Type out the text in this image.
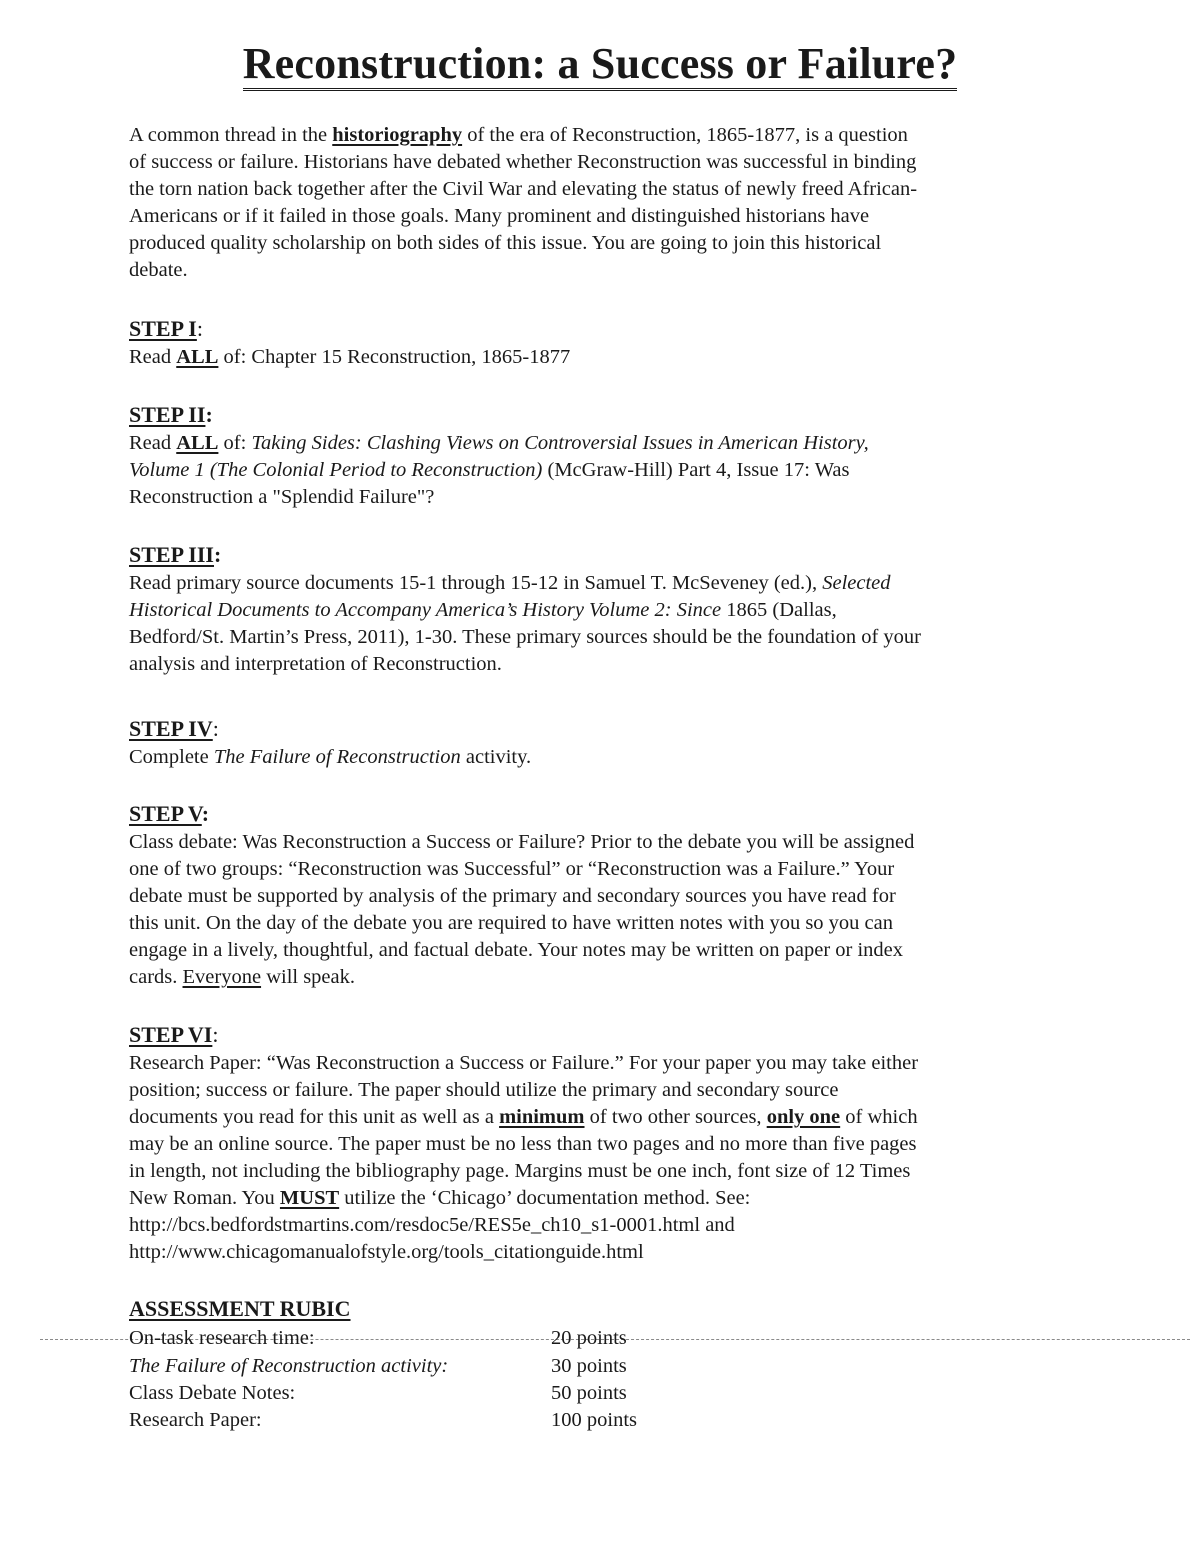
Reconstruction: a Success or Failure?
A common thread in the historiography of the era of Reconstruction, 1865-1877, is a question
of success or failure. Historians have debated whether Reconstruction was successful in binding
the torn nation back together after the Civil War and elevating the status of newly freed African-
Americans or if it failed in those goals. Many prominent and distinguished historians have
produced quality scholarship on both sides of this issue. You are going to join this historical
debate.
STEP I:
Read ALL of: Chapter 15 Reconstruction, 1865-1877
STEP II:
Read ALL of: Taking Sides: Clashing Views on Controversial Issues in American History,
Volume 1 (The Colonial Period to Reconstruction) (McGraw-Hill) Part 4, Issue 17: Was
Reconstruction a "Splendid Failure"?
STEP III:
Read primary source documents 15-1 through 15-12 in Samuel T. McSeveney (ed.), Selected
Historical Documents to Accompany America’s History Volume 2: Since 1865 (Dallas,
Bedford/St. Martin’s Press, 2011), 1-30. These primary sources should be the foundation of your
analysis and interpretation of Reconstruction.
STEP IV:
Complete The Failure of Reconstruction activity.
STEP V:
Class debate: Was Reconstruction a Success or Failure? Prior to the debate you will be assigned
one of two groups: “Reconstruction was Successful” or “Reconstruction was a Failure.” Your
debate must be supported by analysis of the primary and secondary sources you have read for
this unit. On the day of the debate you are required to have written notes with you so you can
engage in a lively, thoughtful, and factual debate. Your notes may be written on paper or index
cards. Everyone will speak.
STEP VI:
Research Paper: “Was Reconstruction a Success or Failure.” For your paper you may take either
position; success or failure. The paper should utilize the primary and secondary source
documents you read for this unit as well as a minimum of two other sources, only one of which
may be an online source. The paper must be no less than two pages and no more than five pages
in length, not including the bibliography page. Margins must be one inch, font size of 12 Times
New Roman. You MUST utilize the ‘Chicago’ documentation method. See:
http://bcs.bedfordstmartins.com/resdoc5e/RES5e_ch10_s1-0001.html and
http://www.chicagomanualofstyle.org/tools_citationguide.html
ASSESSMENT RUBIC
On-task research time:	20 points
The Failure of Reconstruction activity:	30 points
Class Debate Notes:	50 points
Research Paper:	100 points
